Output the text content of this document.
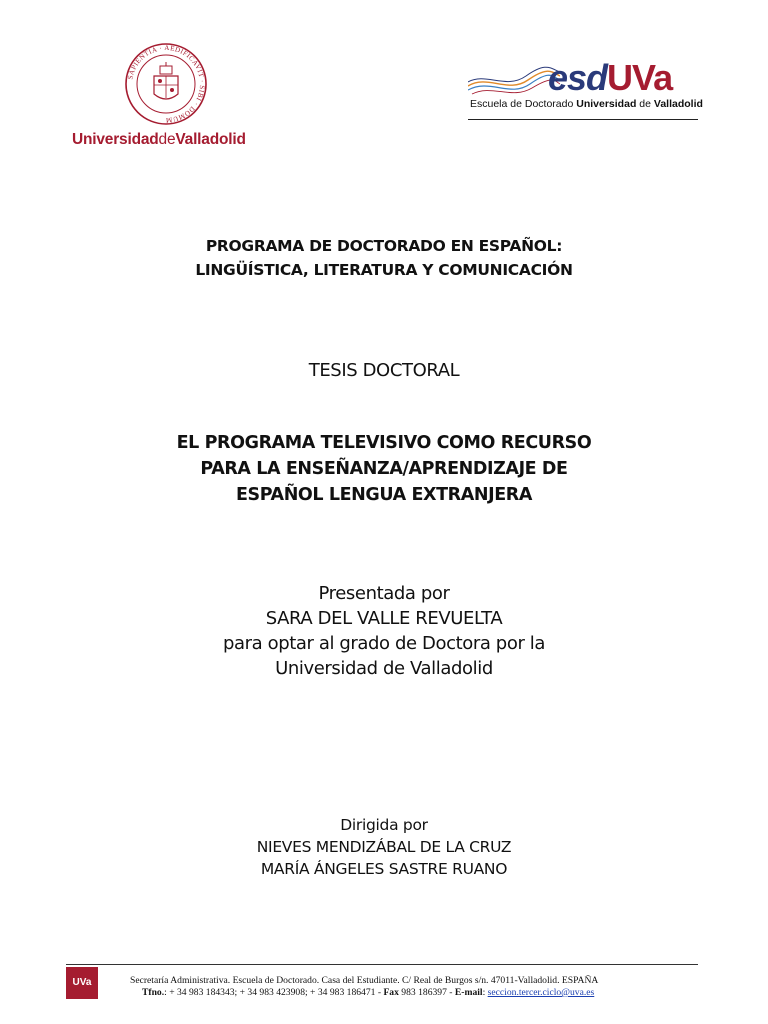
SAPIENTIA · AEDIFICAVIT · SIBI · DOMUM
UniversidaddeValladolid
esdUVa
Escuela de Doctorado Universidad de Valladolid
PROGRAMA DE DOCTORADO EN ESPAÑOL:
LINGÜÍSTICA, LITERATURA Y COMUNICACIÓN
TESIS DOCTORAL
EL PROGRAMA TELEVISIVO COMO RECURSO
PARA LA ENSEÑANZA/APRENDIZAJE DE
ESPAÑOL LENGUA EXTRANJERA
Presentada por
SARA DEL VALLE REVUELTA
para optar al grado de Doctora por la
Universidad de Valladolid
Dirigida por
NIEVES MENDIZÁBAL DE LA CRUZ
MARÍA ÁNGELES SASTRE RUANO
UVa	Secretaría Administrativa. Escuela de Doctorado. Casa del Estudiante. C/ Real de Burgos s/n. 47011-Valladolid. ESPAÑA
Tfno.: + 34 983 184343; + 34 983 423908; + 34 983 186471 - Fax 983 186397 - E-mail: seccion.tercer.ciclo@uva.es
